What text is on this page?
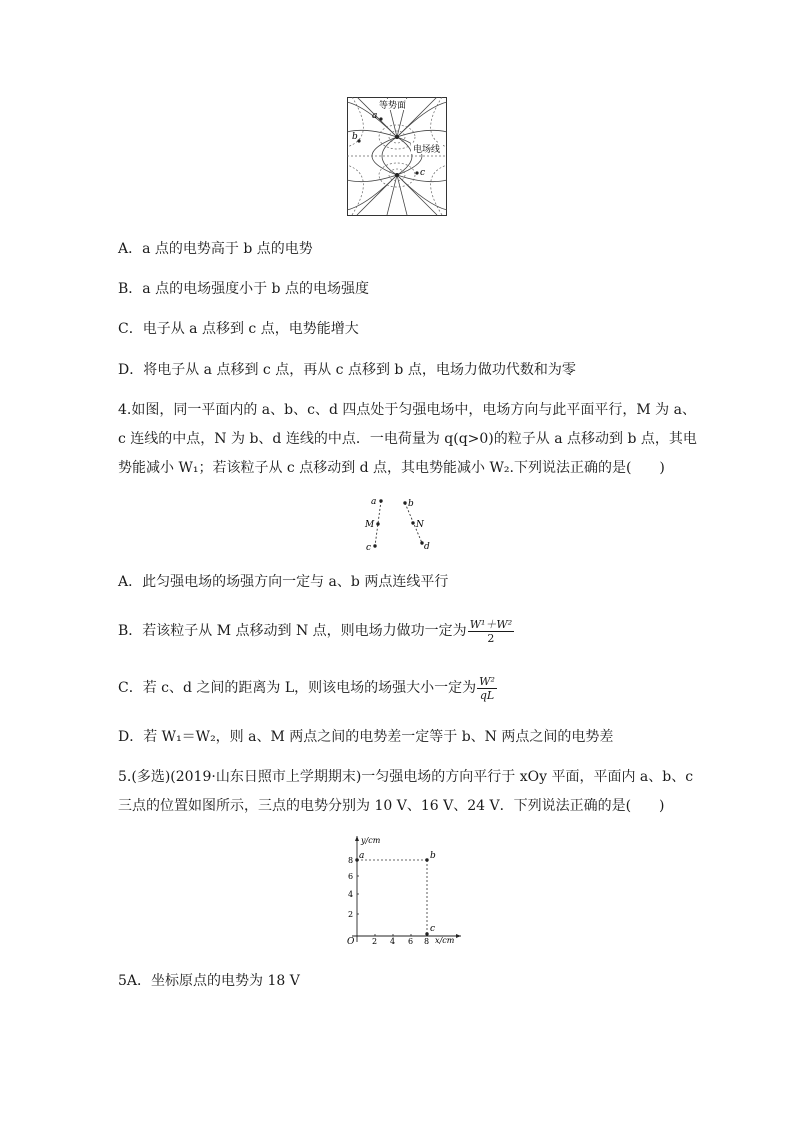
等势面
电场线
a
b
c
A．a 点的电势高于 b 点的电势
B．a 点的电场强度小于 b 点的电场强度
C．电子从 a 点移到 c 点，电势能增大
D．将电子从 a 点移到 c 点，再从 c 点移到 b 点，电场力做功代数和为零
4.如图，同一平面内的 a、b、c、d 四点处于匀强电场中，电场方向与此平面平行，M 为 a、
c 连线的中点，N 为 b、d 连线的中点．一电荷量为 q(q>0)的粒子从 a 点移动到 b 点，其电
势能减小 W₁；若该粒子从 c 点移动到 d 点，其电势能减小 W₂.下列说法正确的是(　　)
a
M
c
b
N
d
A．此匀强电场的场强方向一定与 a、b 两点连线平行
B．若该粒子从 M 点移动到 N 点，则电场力做功一定为 $\frac{\text{W¹＋W²}}{2}$
C．若 c、d 之间的距离为 L，则该电场的场强大小一定为 $\frac{\text{W²}}{qL}$
D．若 W₁＝W₂，则 a、M 两点之间的电势差一定等于 b、N 两点之间的电势差
5.(多选)(2019·山东日照市上学期期末)一匀强电场的方向平行于 xOy 平面，平面内 a、b、c
三点的位置如图所示，三点的电势分别为 10 V、16 V、24 V．下列说法正确的是(　　)
y/cm
x/cm
O 2 4 6 8
2
4
6
8 a	b
c
5A．坐标原点的电势为 18 V
